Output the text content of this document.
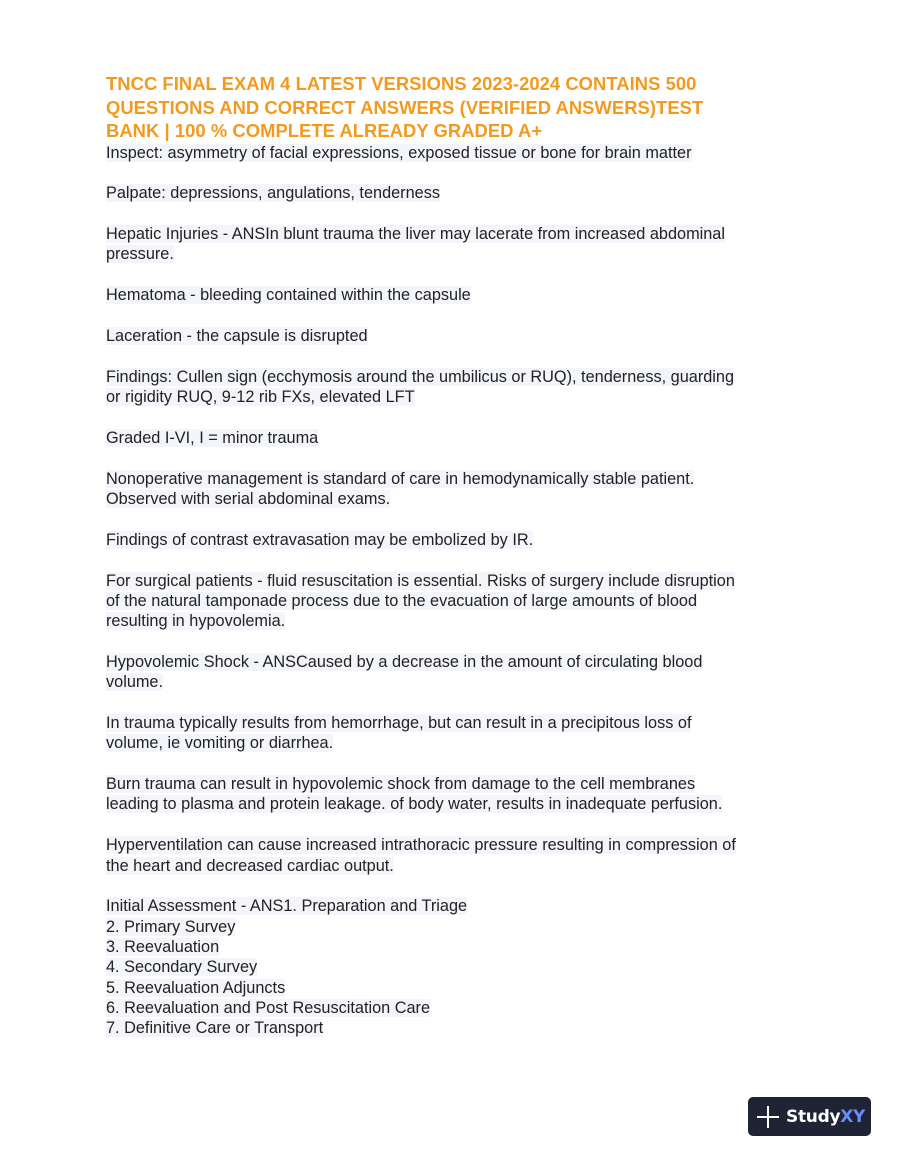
TNCC FINAL EXAM 4 LATEST VERSIONS 2023-2024 CONTAINS 500
QUESTIONS AND CORRECT ANSWERS (VERIFIED ANSWERS)TEST
BANK | 100 % COMPLETE ALREADY GRADED A+

Inspect: asymmetry of facial expressions, exposed tissue or bone for brain matter

Palpate: depressions, angulations, tenderness

Hepatic Injuries - ANSIn blunt trauma the liver may lacerate from increased abdominal
pressure.

Hematoma - bleeding contained within the capsule

Laceration - the capsule is disrupted

Findings: Cullen sign (ecchymosis around the umbilicus or RUQ), tenderness, guarding
or rigidity RUQ, 9-12 rib FXs, elevated LFT

Graded I-VI, I = minor trauma

Nonoperative management is standard of care in hemodynamically stable patient.
Observed with serial abdominal exams.

Findings of contrast extravasation may be embolized by IR.

For surgical patients - fluid resuscitation is essential. Risks of surgery include disruption
of the natural tamponade process due to the evacuation of large amounts of blood
resulting in hypovolemia.

Hypovolemic Shock - ANSCaused by a decrease in the amount of circulating blood
volume.

In trauma typically results from hemorrhage, but can result in a precipitous loss of
volume, ie vomiting or diarrhea.

Burn trauma can result in hypovolemic shock from damage to the cell membranes
leading to plasma and protein leakage. of body water, results in inadequate perfusion.

Hyperventilation can cause increased intrathoracic pressure resulting in compression of
the heart and decreased cardiac output.

Initial Assessment - ANS1. Preparation and Triage
2. Primary Survey
3. Reevaluation
4. Secondary Survey
5. Reevaluation Adjuncts
6. Reevaluation and Post Resuscitation Care
7. Definitive Care or Transport
StudyXY
